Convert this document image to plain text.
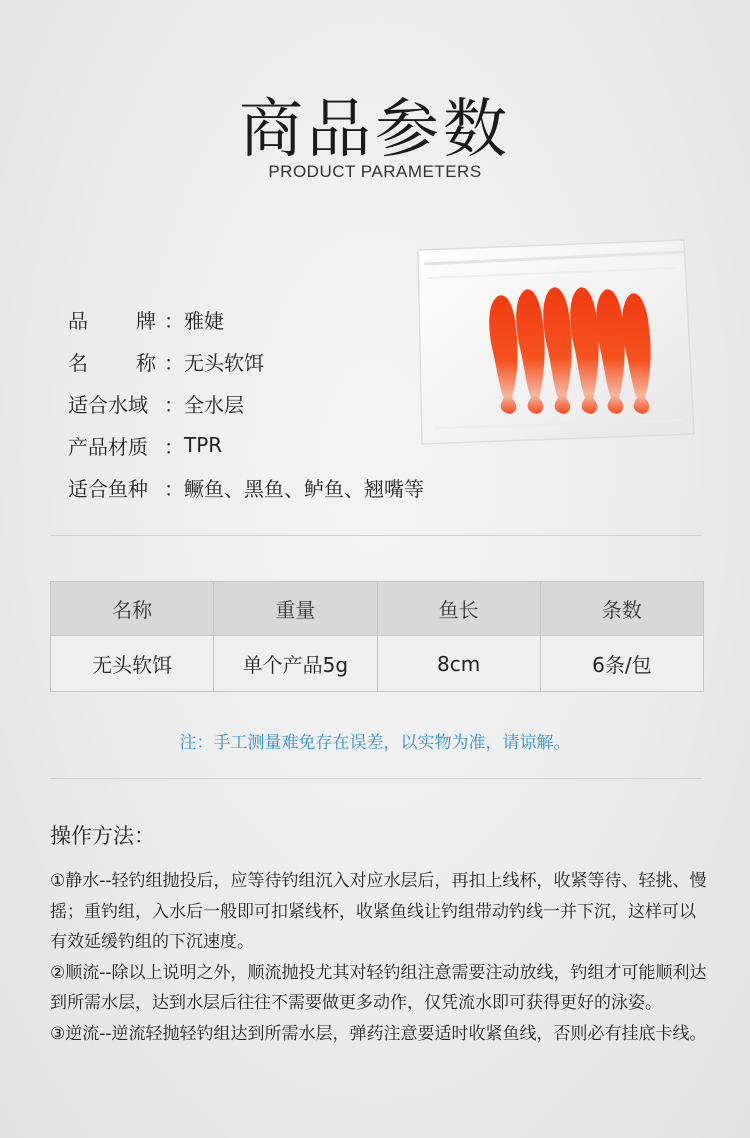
商品参数
PRODUCT PARAMETERS
品 牌 ： 雅婕
名 称 ： 无头软饵
适合水域 ： 全水层
产品材质 ： TPR
适合鱼种 ： 鳜鱼、黑鱼、鲈鱼、翘嘴等
名称	重量	鱼长	条数
无头软饵	单个产品5g	8cm	6条/包
注：手工测量难免存在误差，以实物为准，请谅解。
操作方法：

①静水--轻钓组抛投后，应等待钓组沉入对应水层后，再扣上线杯，收紧等待、轻挑、慢摇；重钓组，入水后一般即可扣紧线杯，收紧鱼线让钓组带动钓线一并下沉，这样可以有效延缓钓组的下沉速度。

②顺流--除以上说明之外，顺流抛投尤其对轻钓组注意需要注动放线，钓组才可能顺利达到所需水层，达到水层后往往不需要做更多动作，仅凭流水即可获得更好的泳姿。

③逆流--逆流轻抛轻钓组达到所需水层，弹药注意要适时收紧鱼线，否则必有挂底卡线。
